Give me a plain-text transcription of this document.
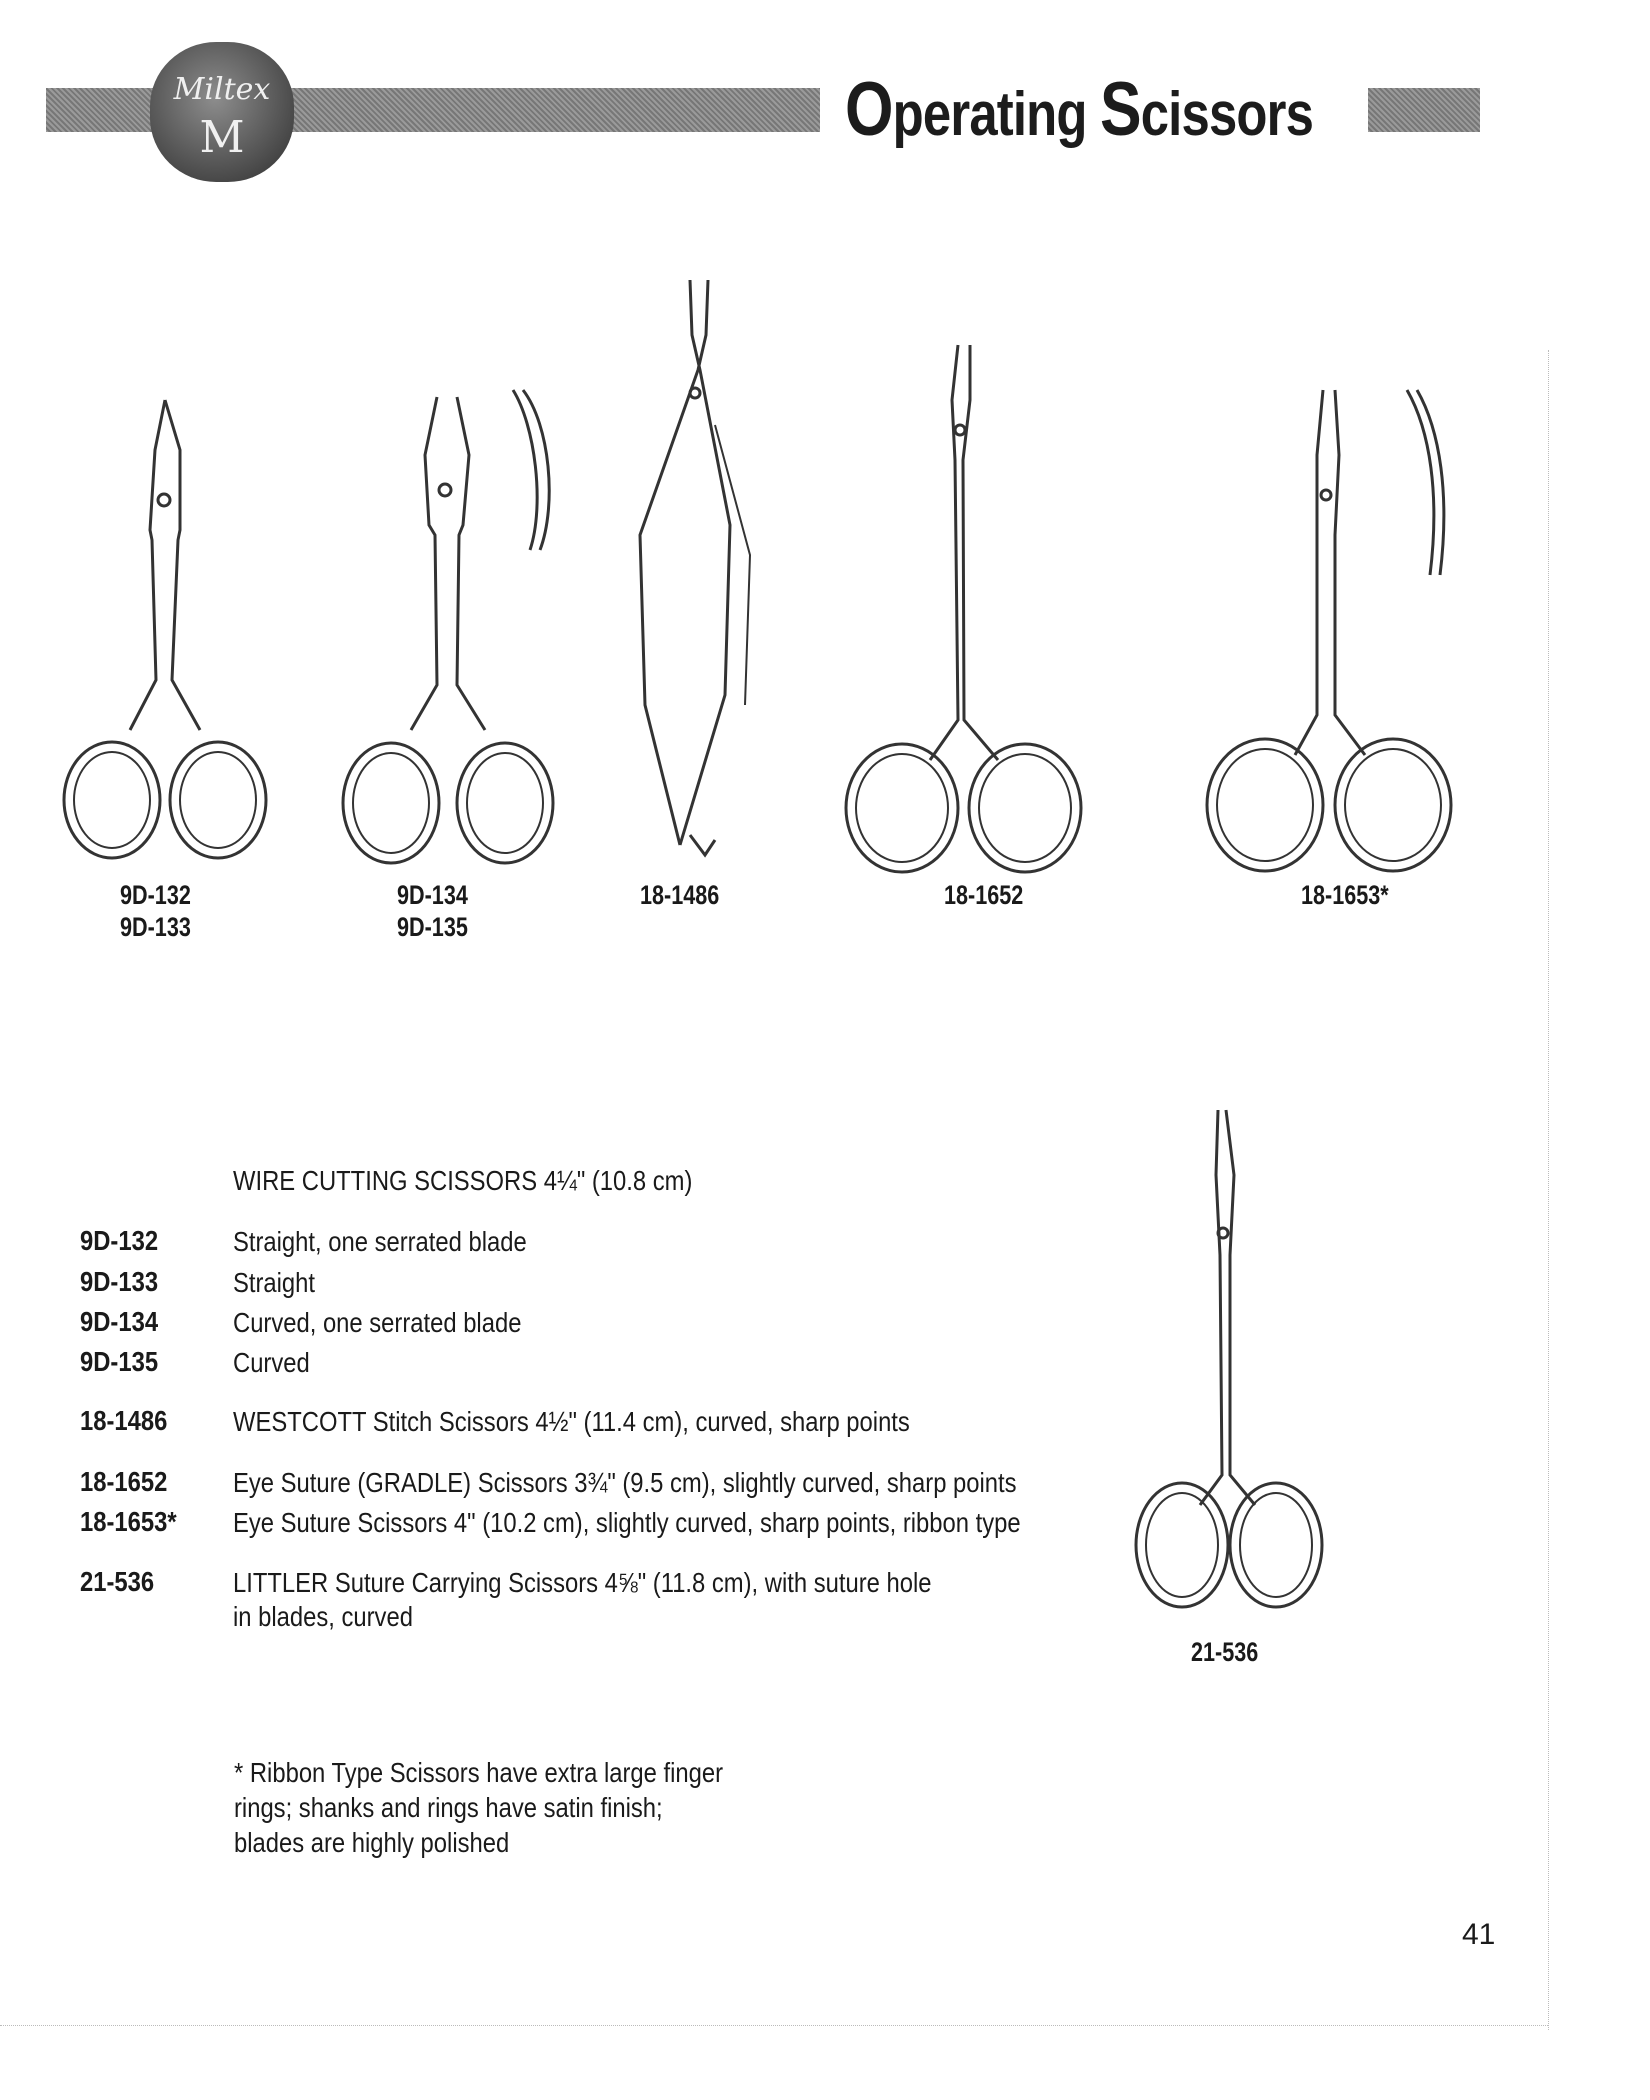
Miltex
M	Operating Scissors
9D-132
9D-133
9D-134
9D-135
18-1486	18-1652	18-1653*
21-536
WIRE CUTTING SCISSORS 4¼" (10.8 cm)
9D-132	Straight, one serrated blade
9D-133	Straight
9D-134	Curved, one serrated blade
9D-135	Curved
18-1486 WESTCOTT Stitch Scissors 4½" (11.4 cm), curved, sharp points
18-1652 Eye Suture (GRADLE) Scissors 3¾" (9.5 cm), slightly curved, sharp points
18-1653* Eye Suture Scissors 4" (10.2 cm), slightly curved, sharp points, ribbon type
21-536	LITTLER Suture Carrying Scissors 4⅝" (11.8 cm), with suture hole
in blades, curved
* Ribbon Type Scissors have extra large finger
rings; shanks and rings have satin finish;
blades are highly polished
41
